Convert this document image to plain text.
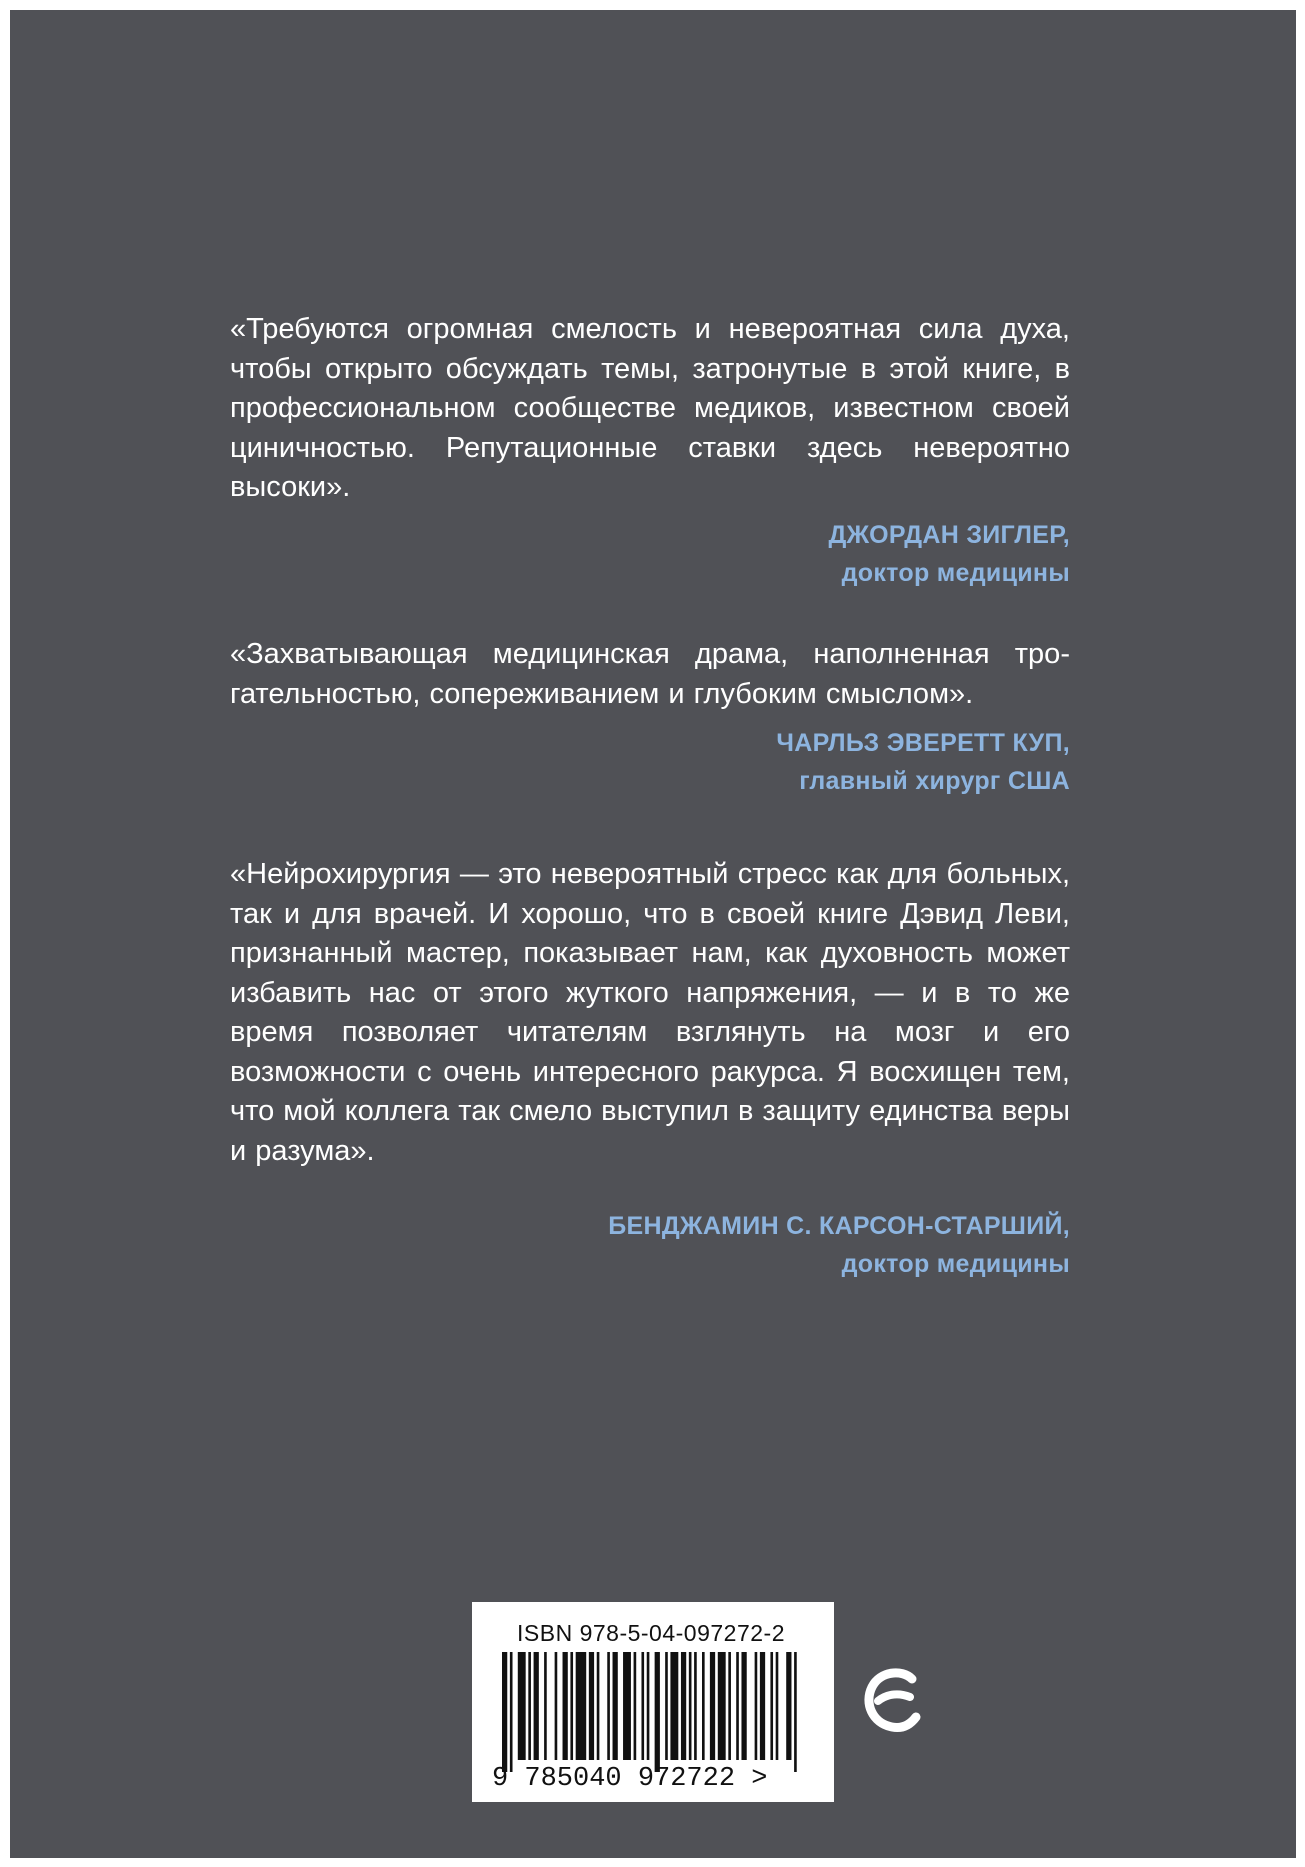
«Требуются огромная смелость и невероятная сила духа, чтобы открыто обсуждать темы, затронутые в этой книге, в профессиональном сообществе медиков, известном своей циничностью. Репутационные ставки здесь невероятно высоки».

ДЖОРДАН ЗИГЛЕР,
доктор медицины

«Захватывающая медицинская драма, наполненная трогательностью, сопереживанием и глубоким смыслом».

ЧАРЛЬЗ ЭВЕРЕТТ КУП,
главный хирург США

«Нейрохирургия — это невероятный стресс как для больных, так и для врачей. И хорошо, что в своей книге Дэвид Леви, признанный мастер, показывает нам, как духовность может избавить нас от этого жуткого напряжения, — и в то же время позволяет читателям взглянуть на мозг и его возможности с очень интересного ракурса. Я восхищен тем, что мой коллега так смело выступил в защиту единства веры и разума».

БЕНДЖАМИН С. КАРСОН-СТАРШИЙ,
доктор медицины
ISBN 978-5-04-097272-2
9 785040 972722 >
